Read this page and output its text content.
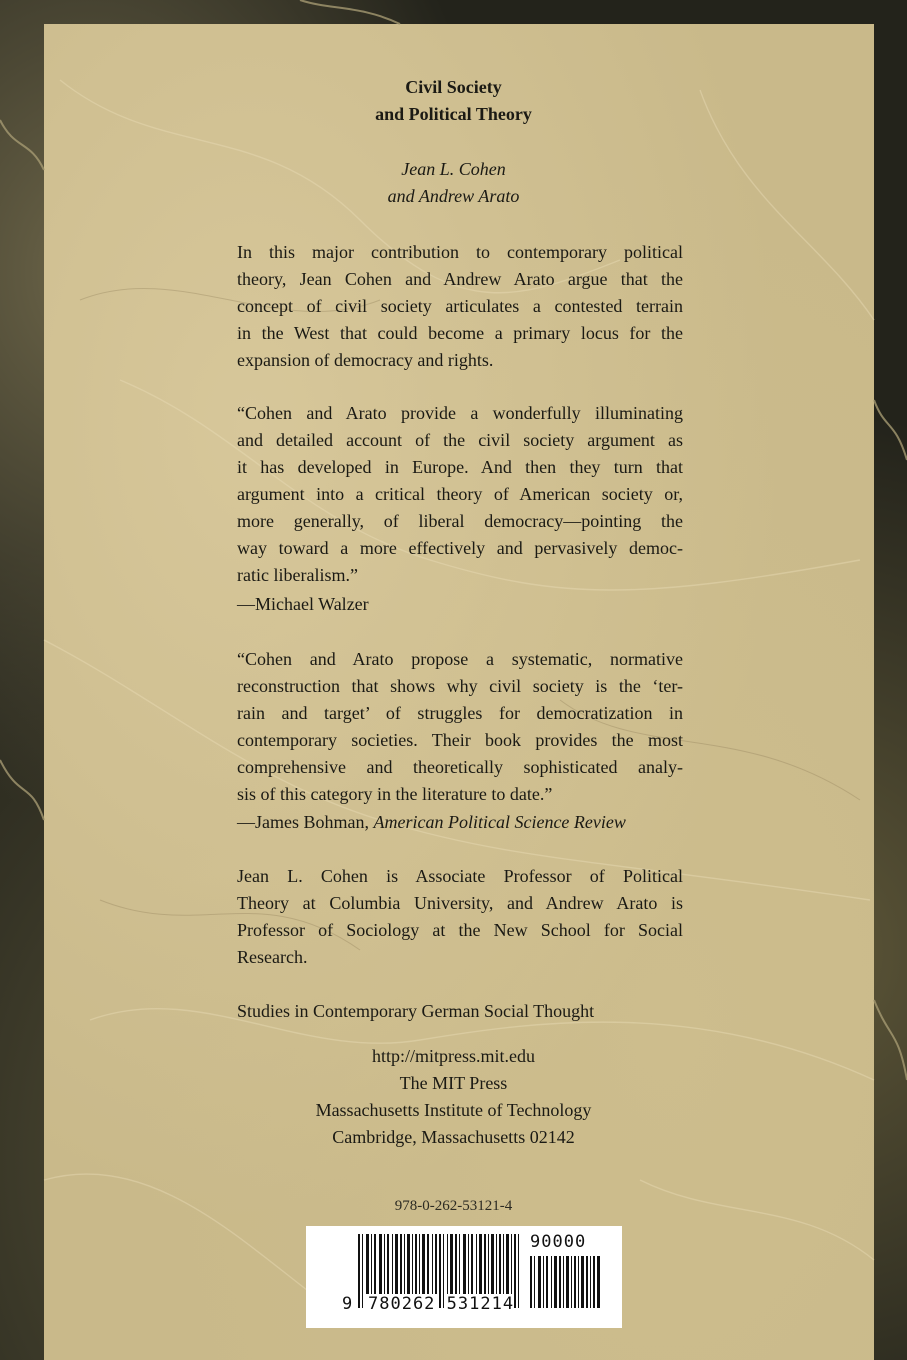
Civil Society
and Political Theory
Jean L. Cohen
and Andrew Arato
In this major contribution to contemporary political
theory, Jean Cohen and Andrew Arato argue that the
concept of civil society articulates a contested terrain
in the West that could become a primary locus for the
expansion of democracy and rights.
“Cohen and Arato provide a wonderfully illuminating
and detailed account of the civil society argument as
it has developed in Europe. And then they turn that
argument into a critical theory of American society or,
more generally, of liberal democracy—pointing the
way toward a more effectively and pervasively democ-
ratic liberalism.”
—Michael Walzer
“Cohen and Arato propose a systematic, normative
reconstruction that shows why civil society is the ‘ter-
rain and target’ of struggles for democratization in
contemporary societies. Their book provides the most
comprehensive and theoretically sophisticated analy-
sis of this category in the literature to date.”
—James Bohman, American Political Science Review
Jean L. Cohen is Associate Professor of Political
Theory at Columbia University, and Andrew Arato is
Professor of Sociology at the New School for Social
Research.
Studies in Contemporary German Social Thought
http://mitpress.mit.edu
The MIT Press
Massachusetts Institute of Technology
Cambridge, Massachusetts 02142
978-0-262-53121-4
9 780262 531214
90000
